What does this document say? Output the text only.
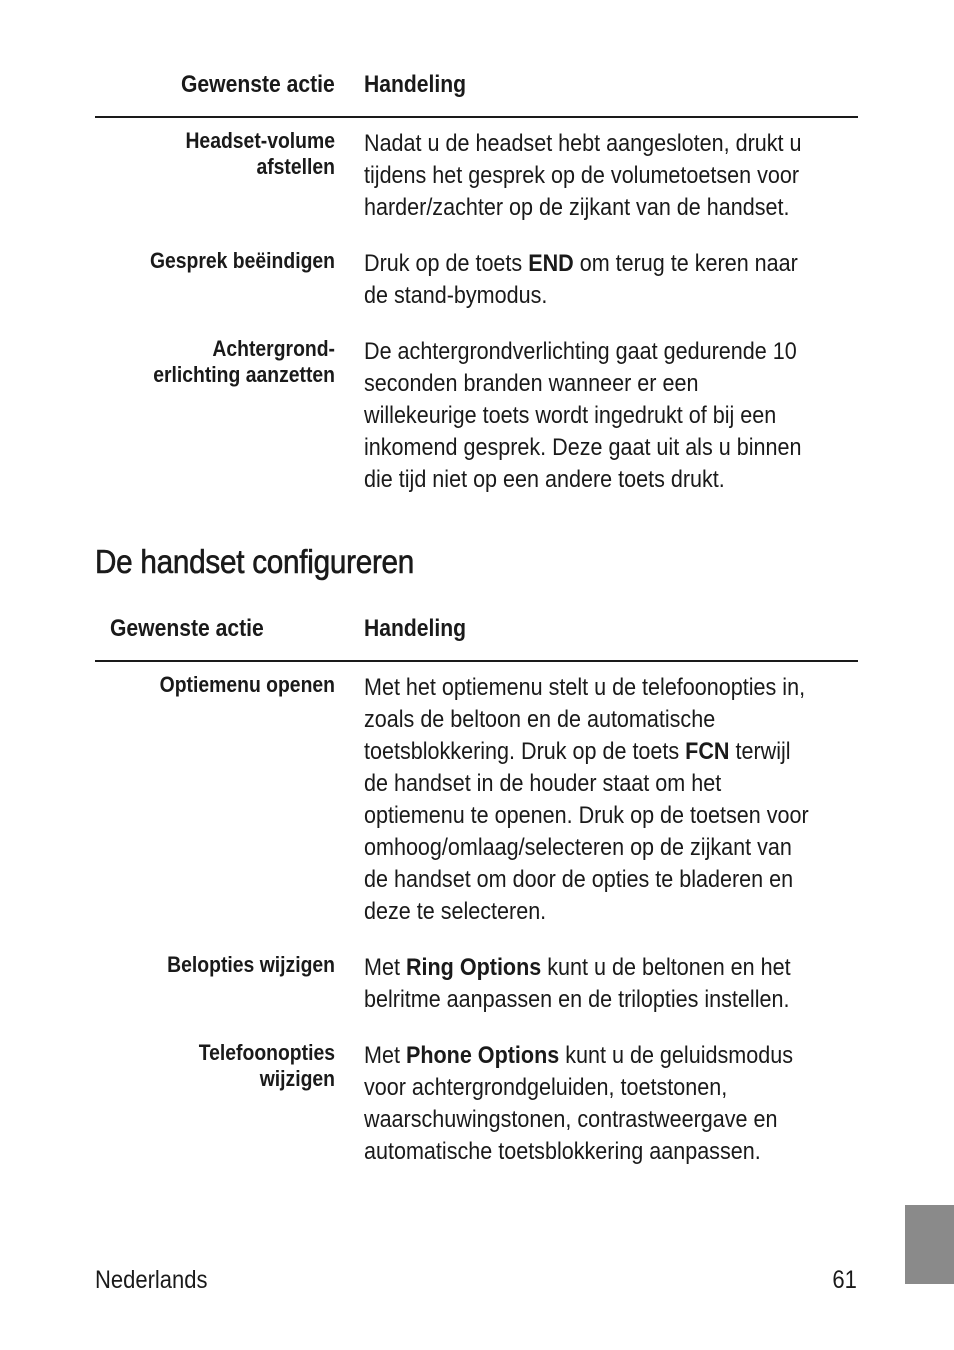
Gewenste actie Handeling
Headset-volume
afstellen
Nadat u de headset hebt aangesloten, drukt u
tijdens het gesprek op de volumetoetsen voor
harder/zachter op de zijkant van de handset.
Gesprek beëindigen Druk op de toets END om terug te keren naar
de stand-bymodus.
Achtergrond-
erlichting aanzetten
De achtergrondverlichting gaat gedurende 10
seconden branden wanneer er een
willekeurige toets wordt ingedrukt of bij een
inkomend gesprek. Deze gaat uit als u binnen
die tijd niet op een andere toets drukt.
De handset configureren
Gewenste actie	Handeling
Optiemenu openen Met het optiemenu stelt u de telefoonopties in,
zoals de beltoon en de automatische
toetsblokkering. Druk op de toets FCN terwijl
de handset in de houder staat om het
optiemenu te openen. Druk op de toetsen voor
omhoog/omlaag/selecteren op de zijkant van
de handset om door de opties te bladeren en
deze te selecteren.
Belopties wijzigen Met Ring Options kunt u de beltonen en het
belritme aanpassen en de trilopties instellen.
Telefoonopties
wijzigen
Met Phone Options kunt u de geluidsmodus
voor achtergrondgeluiden, toetstonen,
waarschuwingstonen, contrastweergave en
automatische toetsblokkering aanpassen.
Nederlands	61
